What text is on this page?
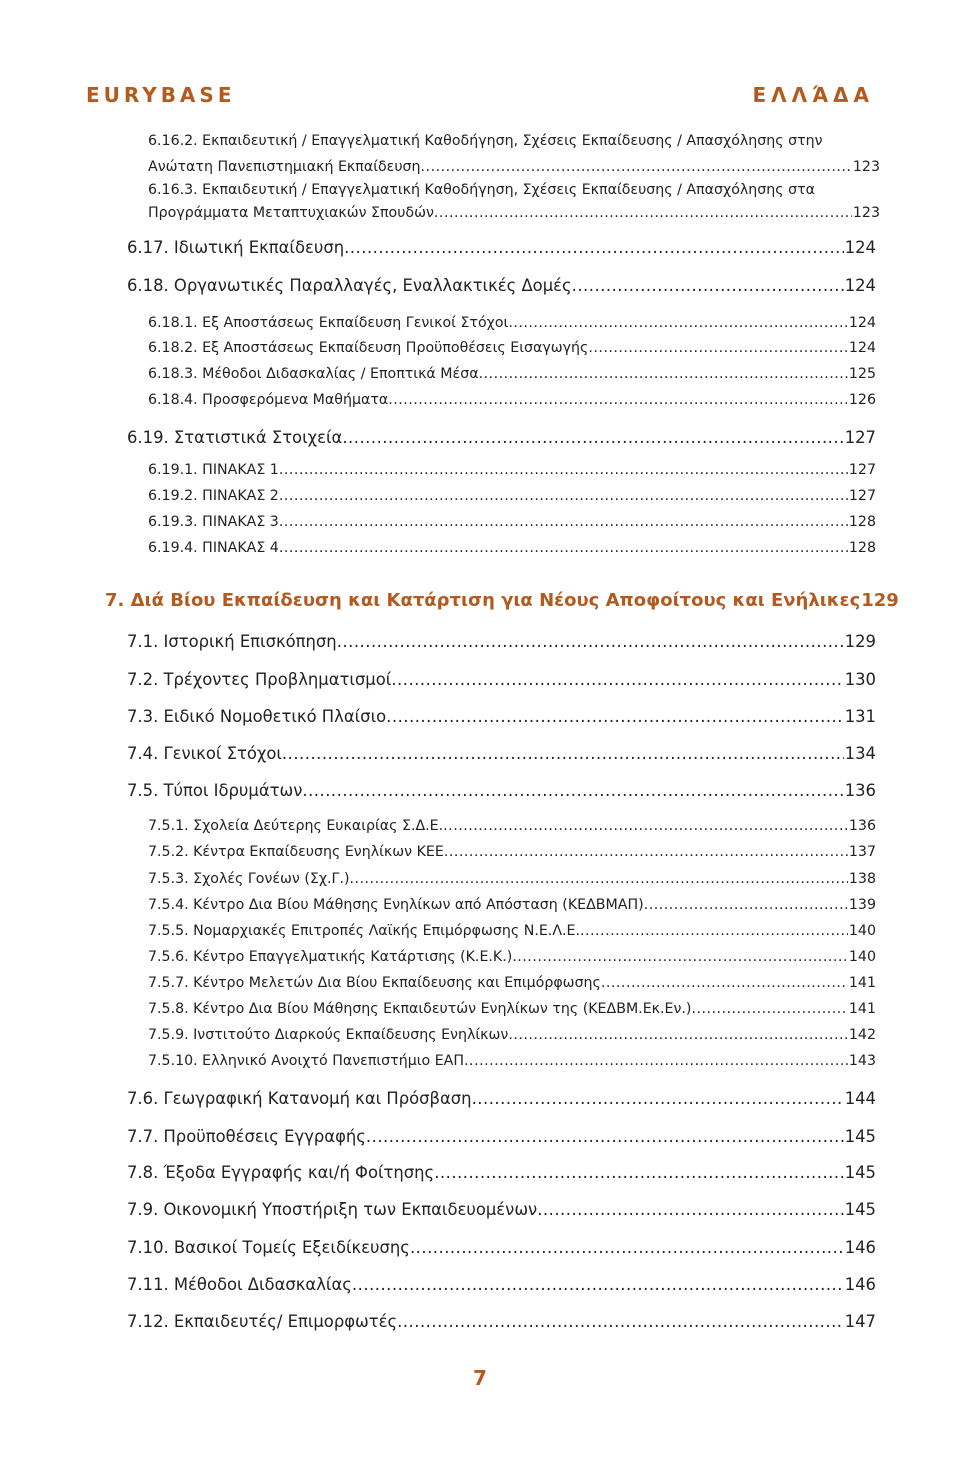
EURYBASE	ΕΛΛΆΔΑ
6.16.2. Εκπαιδευτική / Επαγγελματική Καθοδήγηση, Σχέσεις Εκπαίδευσης / Απασχόλησης στην
Ανώτατη Πανεπιστημιακή Εκπαίδευση .....	123
6.16.3. Εκπαιδευτική / Επαγγελματική Καθοδήγηση, Σχέσεις Εκπαίδευσης / Απασχόλησης στα
Προγράμματα Μεταπτυχιακών Σπουδών .....	123
6.17. Ιδιωτική Εκπαίδευση .....	124
6.18. Οργανωτικές Παραλλαγές, Εναλλακτικές Δομές .....	124
6.18.1. Εξ Αποστάσεως Εκπαίδευση Γενικοί Στόχοι .....	124
6.18.2. Εξ Αποστάσεως Εκπαίδευση Προϋποθέσεις Εισαγωγής .....	124
6.18.3. Μέθοδοι Διδασκαλίας / Εποπτικά Μέσα .....	125
6.18.4. Προσφερόμενα Μαθήματα .....	126
6.19. Στατιστικά Στοιχεία .....	127
6.19.1. ΠΙΝΑΚΑΣ 1 .....	127
6.19.2. ΠΙΝΑΚΑΣ 2 .....	127
6.19.3. ΠΙΝΑΚΑΣ 3 .....	128
6.19.4. ΠΙΝΑΚΑΣ 4 .....	128
7. Διά Βίου Εκπαίδευση και Κατάρτιση για Νέους Αποφοίτους και Ενήλικες 129
7.1. Ιστορική Επισκόπηση .....	129
7.2. Τρέχοντες Προβληματισμοί .....	130
7.3. Ειδικό Νομοθετικό Πλαίσιο .....	131
7.4. Γενικοί Στόχοι .....	134
7.5. Τύποι Ιδρυμάτων .....	136
7.5.1. Σχολεία Δεύτερης Ευκαιρίας Σ.Δ.Ε. .....	136
7.5.2. Κέντρα Εκπαίδευσης Ενηλίκων ΚΕΕ .....	137
7.5.3. Σχολές Γονέων (Σχ.Γ.) .....	138
7.5.4. Κέντρο Δια Βίου Μάθησης Ενηλίκων από Απόσταση (ΚΕΔΒΜΑΠ) .....	139
7.5.5. Νομαρχιακές Επιτροπές Λαϊκής Επιμόρφωσης Ν.Ε.Λ.Ε. .....	140
7.5.6. Κέντρο Επαγγελματικής Κατάρτισης (Κ.Ε.Κ.) .....	140
7.5.7. Κέντρο Μελετών Δια Βίου Εκπαίδευσης και Επιμόρφωσης .....	141
7.5.8. Κέντρο Δια Βίου Μάθησης Εκπαιδευτών Ενηλίκων της (ΚΕΔΒΜ.Εκ.Εν.) .....	141
7.5.9. Ινστιτούτο Διαρκούς Εκπαίδευσης Ενηλίκων .....	142
7.5.10. Ελληνικό Ανοιχτό Πανεπιστήμιο ΕΑΠ .....	143
7.6. Γεωγραφική Κατανομή και Πρόσβαση .....	144
7.7. Προϋποθέσεις Εγγραφής .....	145
7.8. Έξοδα Εγγραφής και/ή Φοίτησης .....	145
7.9. Οικονομική Υποστήριξη των Εκπαιδευομένων .....	145
7.10. Βασικοί Τομείς Εξειδίκευσης .....	146
7.11. Μέθοδοι Διδασκαλίας .....	146
7.12. Εκπαιδευτές/ Επιμορφωτές .....	147
7
